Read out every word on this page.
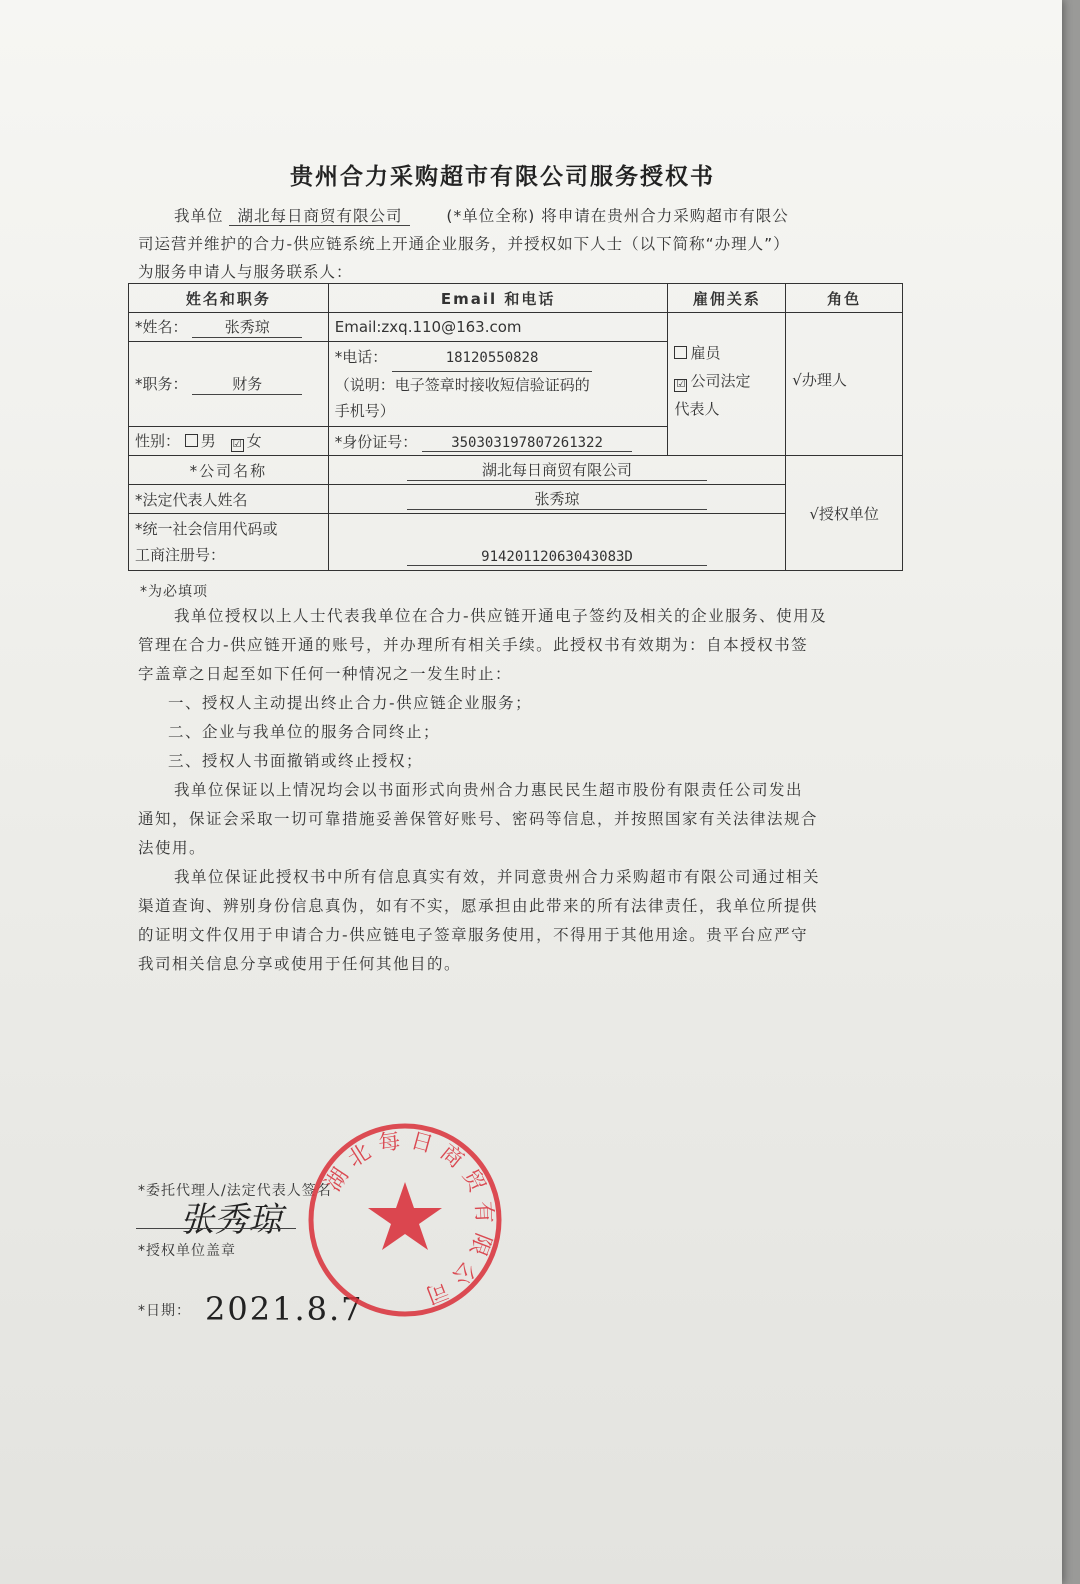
贵州合力采购超市有限公司服务授权书
我单位 湖北每日商贸有限公司	(*单位全称) 将申请在贵州合力采购超市有限公
司运营并维护的合力-供应链系统上开通企业服务，并授权如下人士（以下简称“办理人”）
为服务申请人与服务联系人：
姓名和职务	Email 和电话	雇佣关系	角色
*姓名： 张秀琼	Email:zxq.110@163.com	雇员
☑ 公司法定
代表人	√办理人
*职务： 财务	*电话： 18120550828
（说明：电子签章时接收短信验证码的
手机号）		

性别： 男 ☑ 女	*身份证号： 350303197807261322		
*公司名称	湖北每日商贸有限公司		√授权单位
*法定代表人姓名	张秀琼		

*统一社会信用代码或
工商注册号：	91420112063043083D		
*为必填项
我单位授权以上人士代表我单位在合力-供应链开通电子签约及相关的企业服务、使用及
管理在合力-供应链开通的账号，并办理所有相关手续。此授权书有效期为：自本授权书签
字盖章之日起至如下任何一种情况之一发生时止：
一、授权人主动提出终止合力-供应链企业服务；
二、企业与我单位的服务合同终止；
三、授权人书面撤销或终止授权；
我单位保证以上情况均会以书面形式向贵州合力惠民民生超市股份有限责任公司发出
通知，保证会采取一切可靠措施妥善保管好账号、密码等信息，并按照国家有关法律法规合
法使用。
我单位保证此授权书中所有信息真实有效，并同意贵州合力采购超市有限公司通过相关
渠道查询、辨别身份信息真伪，如有不实，愿承担由此带来的所有法律责任，我单位所提供
的证明文件仅用于申请合力-供应链电子签章服务使用，不得用于其他用途。贵平台应严守
我司相关信息分享或使用于任何其他目的。
*委托代理人/法定代表人签名
张秀琼
*授权单位盖章
*日期： 2021.8.7
湖北每日商贸有限公司
